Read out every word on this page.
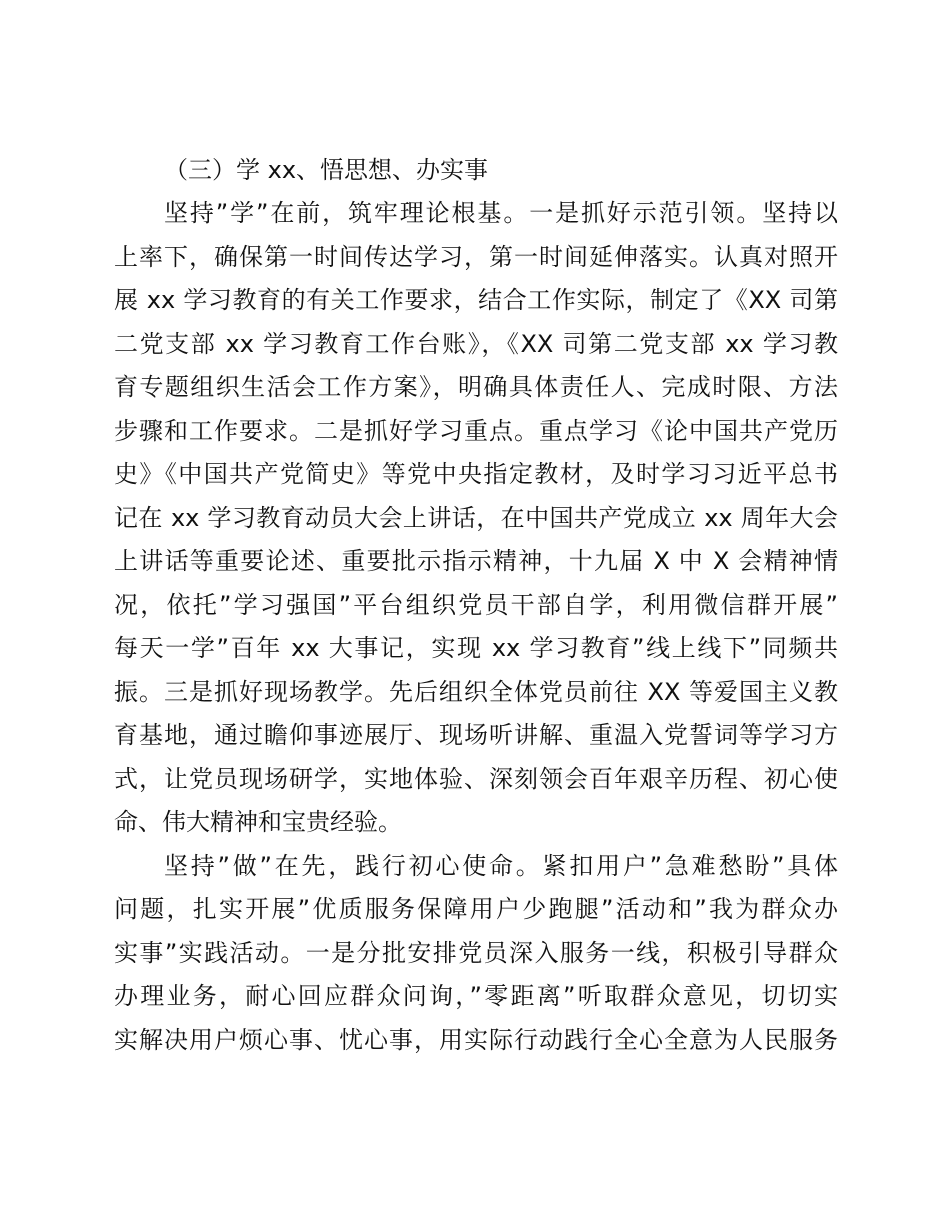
（三）学 xx、悟思想、办实事

坚持”学”在前，筑牢理论根基。一是抓好示范引领。坚持以
上率下，确保第一时间传达学习，第一时间延伸落实。认真对照开
展 xx 学习教育的有关工作要求，结合工作实际，制定了《XX 司第
二党支部 xx 学习教育工作台账》，《XX 司第二党支部 xx 学习教
育专题组织生活会工作方案》，明确具体责任人、完成时限、方法
步骤和工作要求。二是抓好学习重点。重点学习《论中国共产党历
史》《中国共产党简史》等党中央指定教材，及时学习习近平总书
记在 xx 学习教育动员大会上讲话，在中国共产党成立 xx 周年大会
上讲话等重要论述、重要批示指示精神，十九届 X 中 X 会精神情
况，依托”学习强国”平台组织党员干部自学，利用微信群开展”
每天一学”百年 xx 大事记，实现 xx 学习教育”线上线下”同频共
振。三是抓好现场教学。先后组织全体党员前往 XX 等爱国主义教
育基地，通过瞻仰事迹展厅、现场听讲解、重温入党誓词等学习方
式，让党员现场研学，实地体验、深刻领会百年艰辛历程、初心使
命、伟大精神和宝贵经验。

坚持”做”在先，践行初心使命。紧扣用户”急难愁盼”具体
问题，扎实开展”优质服务保障用户少跑腿”活动和”我为群众办
实事”实践活动。一是分批安排党员深入服务一线，积极引导群众
办理业务，耐心回应群众问询，”零距离”听取群众意见，切切实
实解决用户烦心事、忧心事，用实际行动践行全心全意为人民服务
